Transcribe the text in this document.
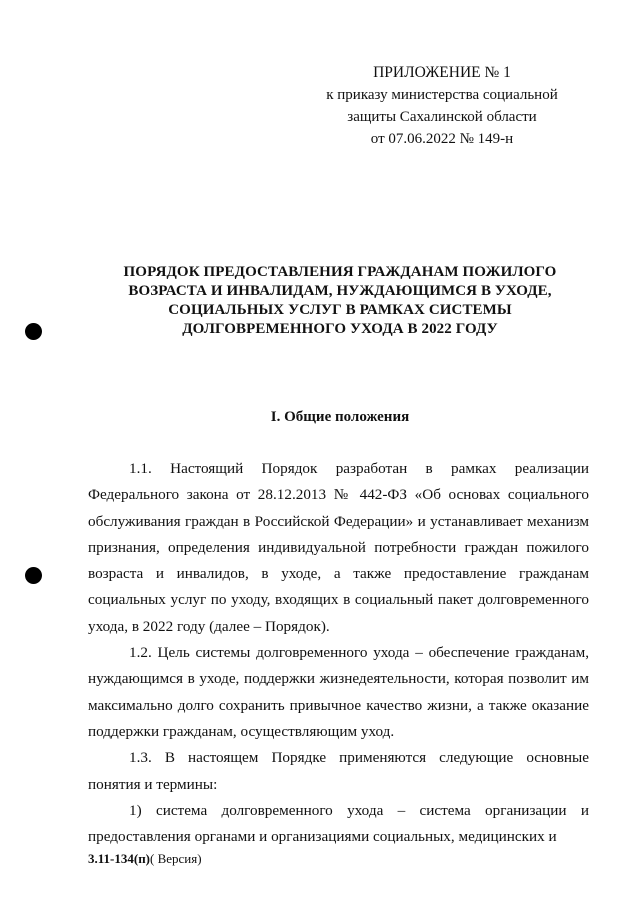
ПРИЛОЖЕНИЕ № 1
к приказу министерства социальной
защиты Сахалинской области
от 07.06.2022 № 149-н
ПОРЯДОК ПРЕДОСТАВЛЕНИЯ ГРАЖДАНАМ ПОЖИЛОГО
ВОЗРАСТА И ИНВАЛИДАМ, НУЖДАЮЩИМСЯ В УХОДЕ,
СОЦИАЛЬНЫХ УСЛУГ В РАМКАХ СИСТЕМЫ
ДОЛГОВРЕМЕННОГО УХОДА В 2022 ГОДУ
I. Общие положения

1.1. Настоящий Порядок разработан в рамках реализации Федерального закона от 28.12.2013 № 442-ФЗ «Об основах социального обслуживания граждан в Российской Федерации» и устанавливает механизм признания, определения индивидуальной потребности граждан пожилого возраста и инвалидов, в уходе, а также предоставление гражданам социальных услуг по уходу, входящих в социальный пакет долговременного ухода, в 2022 году (далее – Порядок).

1.2. Цель системы долговременного ухода – обеспечение гражданам, нуждающимся в уходе, поддержки жизнедеятельности, которая позволит им максимально долго сохранить привычное качество жизни, а также оказание поддержки гражданам, осуществляющим уход.

1.3. В настоящем Порядке применяются следующие основные понятия и термины:

1) система долговременного ухода – система организации и предоставления органами и организациями социальных, медицинских и

3.11-134(п)( Версия)
